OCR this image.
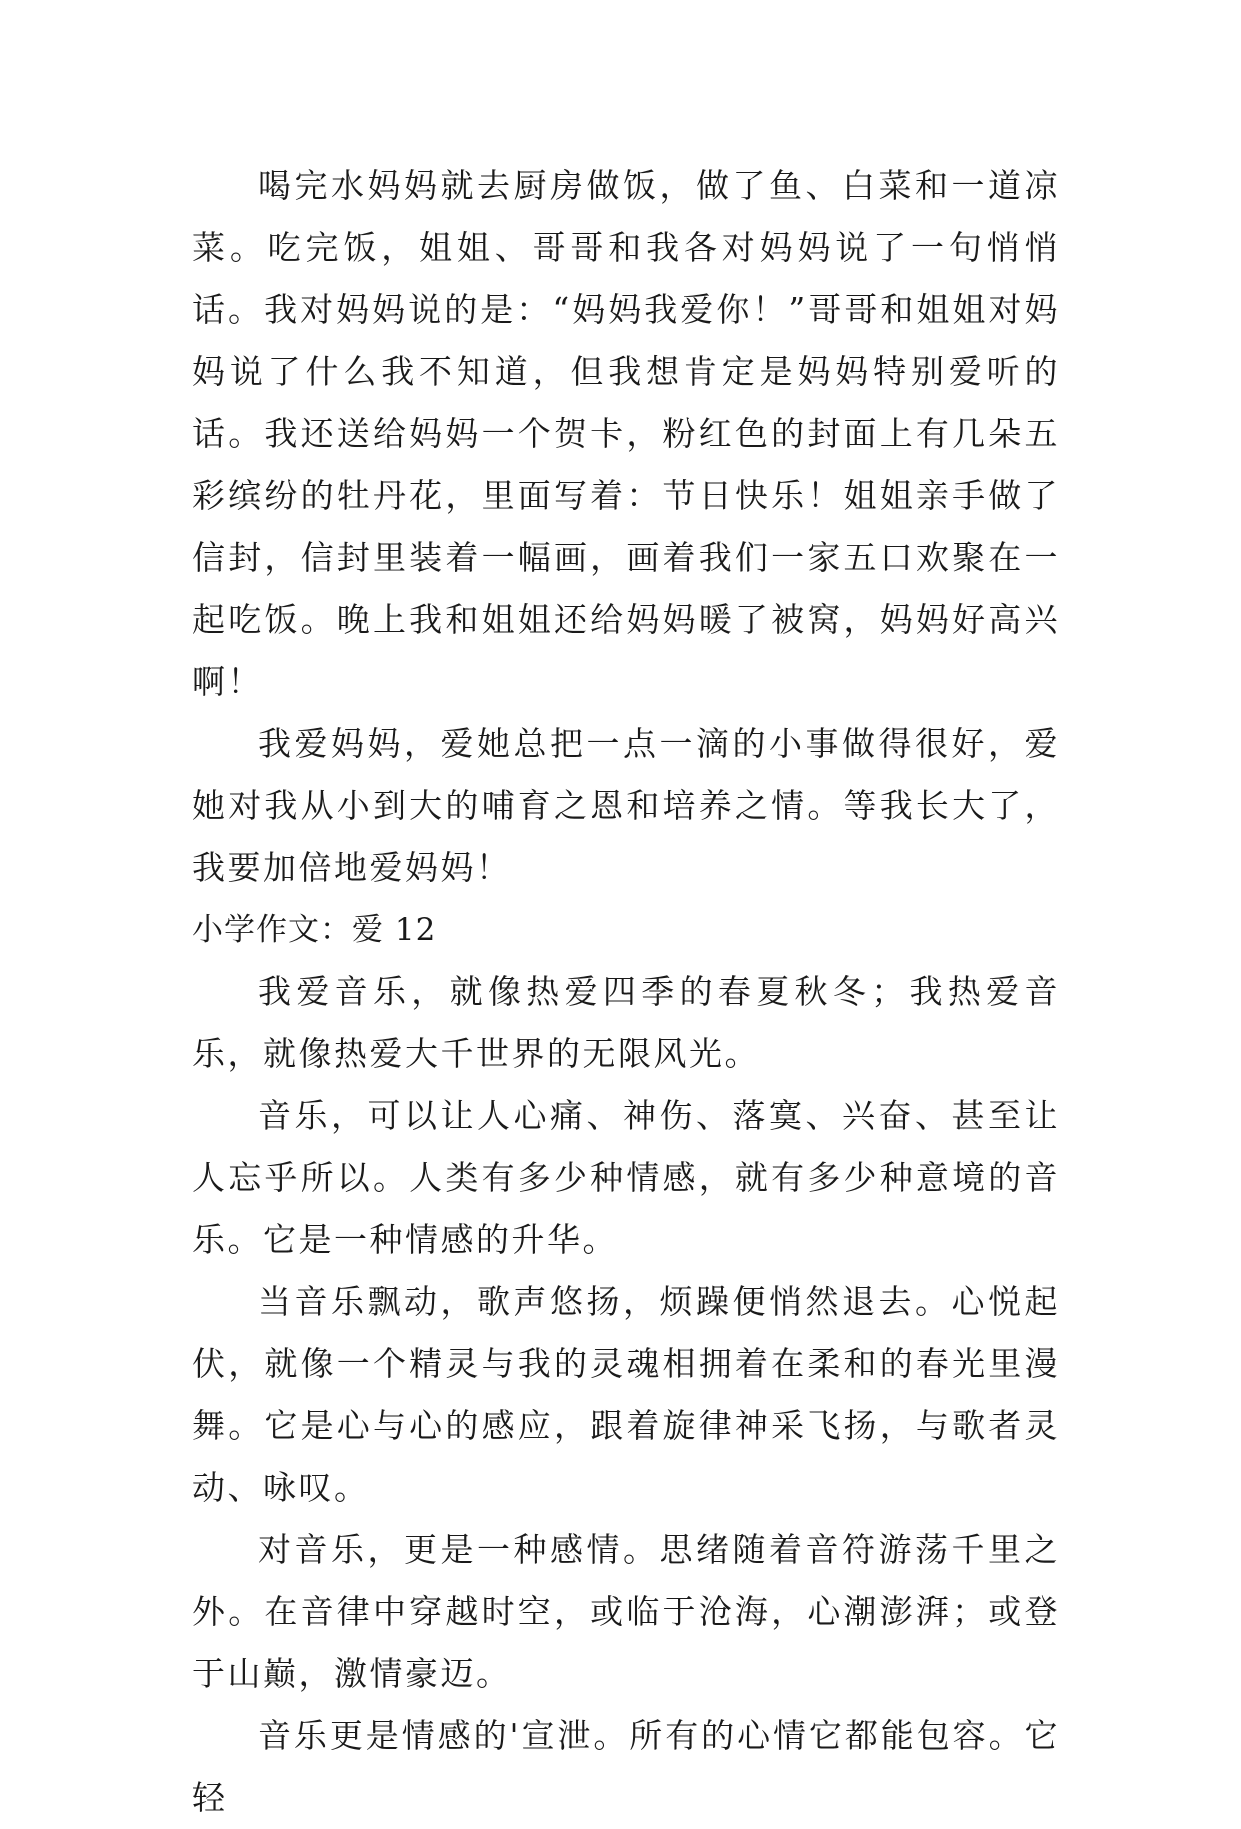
喝完水妈妈就去厨房做饭，做了鱼、白菜和一道凉菜。吃完饭，姐姐、哥哥和我各对妈妈说了一句悄悄话。我对妈妈说的是：“妈妈我爱你！”哥哥和姐姐对妈妈说了什么我不知道，但我想肯定是妈妈特别爱听的话。我还送给妈妈一个贺卡，粉红色的封面上有几朵五彩缤纷的牡丹花，里面写着：节日快乐！姐姐亲手做了信封，信封里装着一幅画，画着我们一家五口欢聚在一起吃饭。晚上我和姐姐还给妈妈暖了被窝，妈妈好高兴啊！

我爱妈妈，爱她总把一点一滴的小事做得很好，爱她对我从小到大的哺育之恩和培养之情。等我长大了，我要加倍地爱妈妈！

小学作文：爱 12

我爱音乐，就像热爱四季的春夏秋冬；我热爱音乐，就像热爱大千世界的无限风光。

音乐，可以让人心痛、神伤、落寞、兴奋、甚至让人忘乎所以。人类有多少种情感，就有多少种意境的音乐。它是一种情感的升华。

当音乐飘动，歌声悠扬，烦躁便悄然退去。心悦起伏，就像一个精灵与我的灵魂相拥着在柔和的春光里漫舞。它是心与心的感应，跟着旋律神采飞扬，与歌者灵动、咏叹。

对音乐，更是一种感情。思绪随着音符游荡千里之外。在音律中穿越时空，或临于沧海，心潮澎湃；或登于山巅，激情豪迈。

音乐更是情感的'宣泄。所有的心情它都能包容。它轻
